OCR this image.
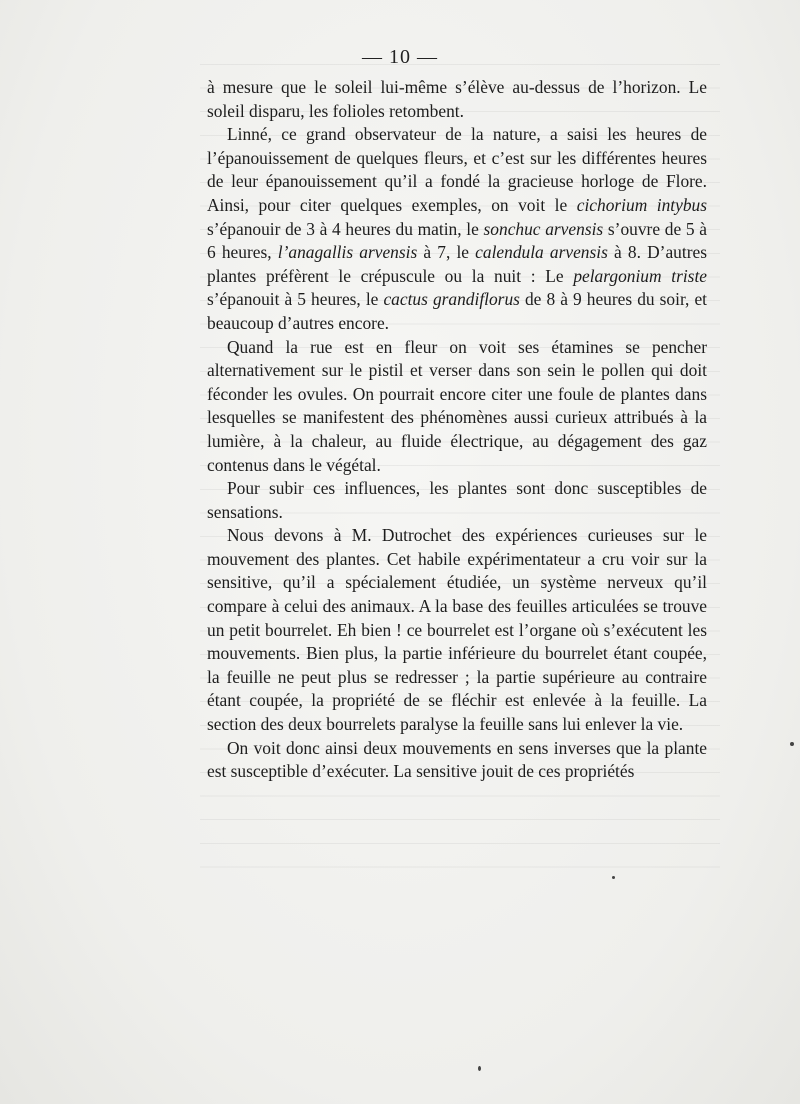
— 10 —

à mesure que le soleil lui-même s’élève au-dessus de l’horizon. Le soleil disparu, les folioles retombent.

Linné, ce grand observateur de la nature, a saisi les heures de l’épanouissement de quelques fleurs, et c’est sur les différentes heures de leur épanouissement qu’il a fondé la gracieuse horloge de Flore. Ainsi, pour citer quelques exemples, on voit le cichorium intybus s’épanouir de 3 à 4 heures du matin, le sonchuc arvensis s’ouvre de 5 à 6 heures, l’anagallis arvensis à 7, le calendula arvensis à 8. D’autres plantes préfèrent le crépuscule ou la nuit : Le pelargonium triste s’épanouit à 5 heures, le cactus grandiflorus de 8 à 9 heures du soir, et beaucoup d’autres encore.

Quand la rue est en fleur on voit ses étamines se pencher alternativement sur le pistil et verser dans son sein le pollen qui doit féconder les ovules. On pourrait encore citer une foule de plantes dans lesquelles se manifestent des phénomènes aussi curieux attribués à la lumière, à la chaleur, au fluide électrique, au dégagement des gaz contenus dans le végétal.

Pour subir ces influences, les plantes sont donc susceptibles de sensations.

Nous devons à M. Dutrochet des expériences curieuses sur le mouvement des plantes. Cet habile expérimentateur a cru voir sur la sensitive, qu’il a spécialement étudiée, un système nerveux qu’il compare à celui des animaux. A la base des feuilles articulées se trouve un petit bourrelet. Eh bien ! ce bourrelet est l’organe où s’exécutent les mouvements. Bien plus, la partie inférieure du bourrelet étant coupée, la feuille ne peut plus se redresser ; la partie supérieure au contraire étant coupée, la propriété de se fléchir est enlevée à la feuille. La section des deux bourrelets paralyse la feuille sans lui enlever la vie.

On voit donc ainsi deux mouvements en sens inverses que la plante est susceptible d’exécuter. La sensitive jouit de ces propriétés
